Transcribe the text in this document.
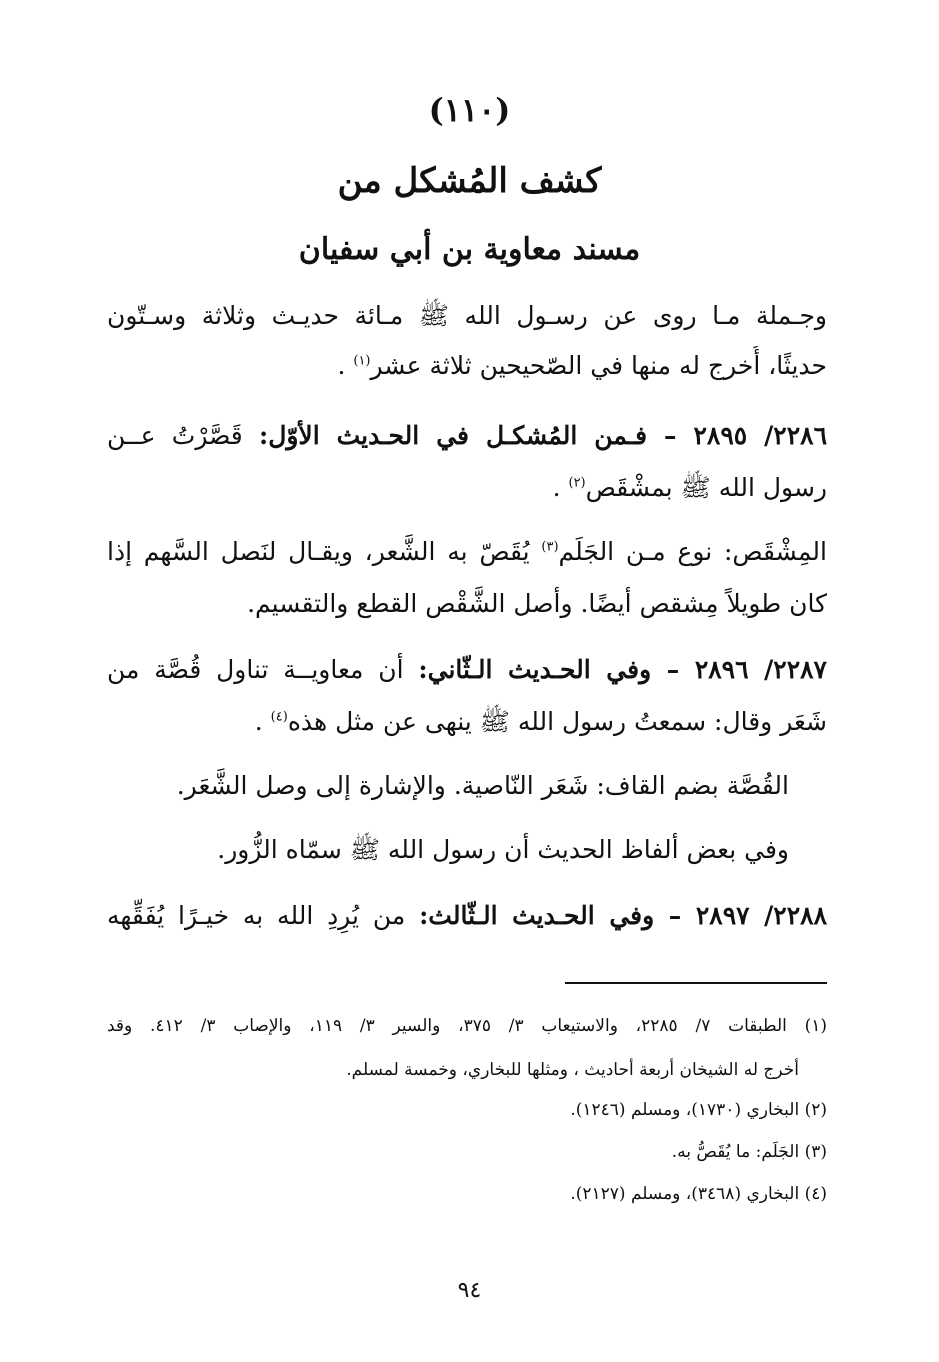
(١١٠)
كشف المُشكل من
مسند معاوية بن أبي سفيان
وجـملة مـا روى عن رسـول الله ﷺ مـائة حديـث وثلاثة وسـتّون
حديثًا، أُخرج له منها في الصّحيحين ثلاثة عشر$^{(١)}$ .
٢٢٨٦/ ٢٨٩٥ – فـمن المُشكـل في الحـديث الأوّل: قَصَّرْتُ عــن
رسول الله ﷺ بمشْقَص$^{(٢)}$ .
المِشْقَص: نوع مـن الجَلَم$^{(٣)}$ يُقَصّ به الشَّعر، ويقـال لنَصل السَّهم إذا
كان طويلاً مِشقص أيضًا. وأصل الشَّقْص القطع والتقسيم.
٢٢٨٧/ ٢٨٩٦ – وفي الحـديث الـثّاني: أن معاويــة تناول قُصَّة من
شَعَر وقال: سمعتُ رسول الله ﷺ ينهى عن مثل هذه$^{(٤)}$ .
القُصَّة بضم القاف: شَعَر النّاصية. والإشارة إلى وصل الشَّعَر.
وفي بعض ألفاظ الحديث أن رسول الله ﷺ سمّاه الزُّور.
٢٢٨٨/ ٢٨٩٧ – وفي الحـديث الـثّالث: من يُرِدِ الله به خيـرًا يُفَقِّهه
(١) الطبقات ٧/ ٢٢٨٥، والاستيعاب ٣/ ٣٧٥، والسير ٣/ ١١٩، والإصاب ٣/ ٤١٢. وقد
أخرج له الشيخان أربعة أحاديث ، ومثلها للبخاري، وخمسة لمسلم.
(٢) البخاري (١٧٣٠)، ومسلم (١٢٤٦).
(٣) الجَلَم: ما يُقَصُّ به.
(٤) البخاري (٣٤٦٨)، ومسلم (٢١٢٧).
٩٤
